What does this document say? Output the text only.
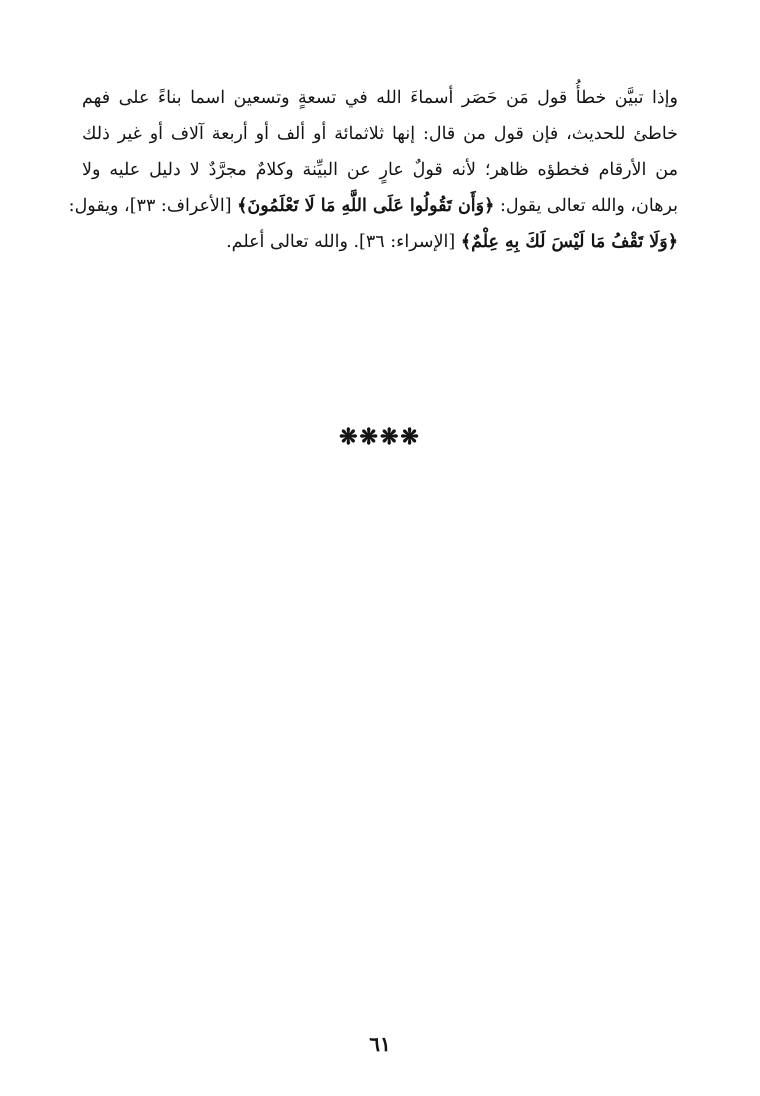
وإذا تبيَّن خطأُ قول مَن حَصَر أسماءَ الله في تسعةٍ وتسعين اسما بناءً على فهم
خاطئ للحديث، فإن قول من قال: إنها ثلاثمائة أو ألف أو أربعة آلاف أو غير ذلك
من الأرقام فخطؤه ظاهر؛ لأنه قولٌ عارٍ عن البيِّنة وكلامٌ مجرَّدٌ لا دليل عليه ولا
برهان، والله تعالى يقول: ﴿وَأَن تَقُولُوا عَلَى اللَّهِ مَا لَا تَعْلَمُونَ﴾ [الأعراف: ٣٣]، ويقول:
﴿وَلَا تَقْفُ مَا لَيْسَ لَكَ بِهِ عِلْمٌ﴾ [الإسراء: ٣٦]. والله تعالى أعلم.
❋❋❋❋
٦١
